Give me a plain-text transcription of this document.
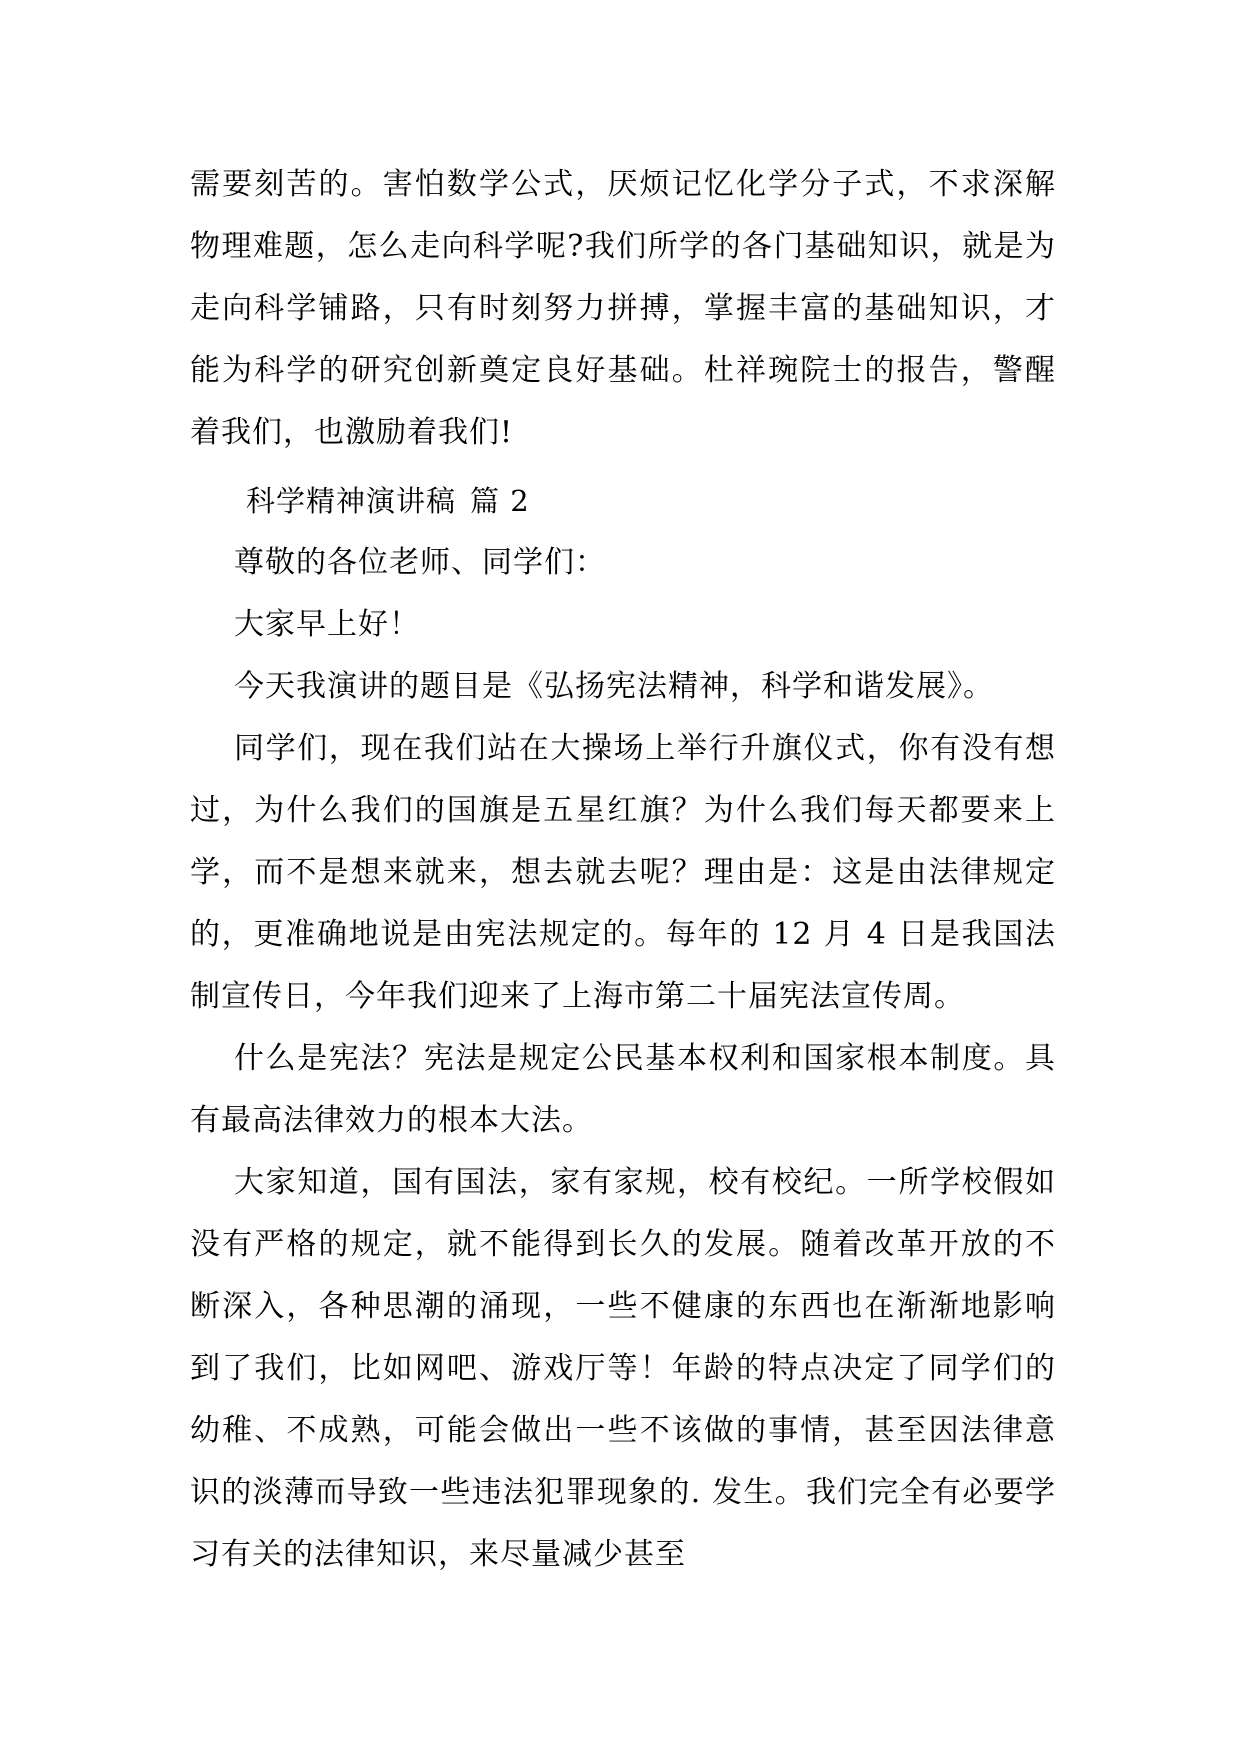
需要刻苦的。害怕数学公式，厌烦记忆化学分子式，不求深解物理难题，怎么走向科学呢?我们所学的各门基础知识，就是为走向科学铺路，只有时刻努力拼搏，掌握丰富的基础知识，才能为科学的研究创新奠定良好基础。杜祥琬院士的报告，警醒着我们，也激励着我们!

科学精神演讲稿 篇 2

尊敬的各位老师、同学们：

大家早上好！

今天我演讲的题目是《弘扬宪法精神，科学和谐发展》。

同学们，现在我们站在大操场上举行升旗仪式，你有没有想过，为什么我们的国旗是五星红旗？为什么我们每天都要来上学，而不是想来就来，想去就去呢？理由是：这是由法律规定的，更准确地说是由宪法规定的。每年的 12 月 4 日是我国法制宣传日，今年我们迎来了上海市第二十届宪法宣传周。

什么是宪法？宪法是规定公民基本权利和国家根本制度。具有最高法律效力的根本大法。

大家知道，国有国法，家有家规，校有校纪。一所学校假如没有严格的规定，就不能得到长久的发展。随着改革开放的不断深入，各种思潮的涌现，一些不健康的东西也在渐渐地影响到了我们，比如网吧、游戏厅等！年龄的特点决定了同学们的幼稚、不成熟，可能会做出一些不该做的事情，甚至因法律意识的淡薄而导致一些违法犯罪现象的. 发生。我们完全有必要学习有关的法律知识，来尽量减少甚至
